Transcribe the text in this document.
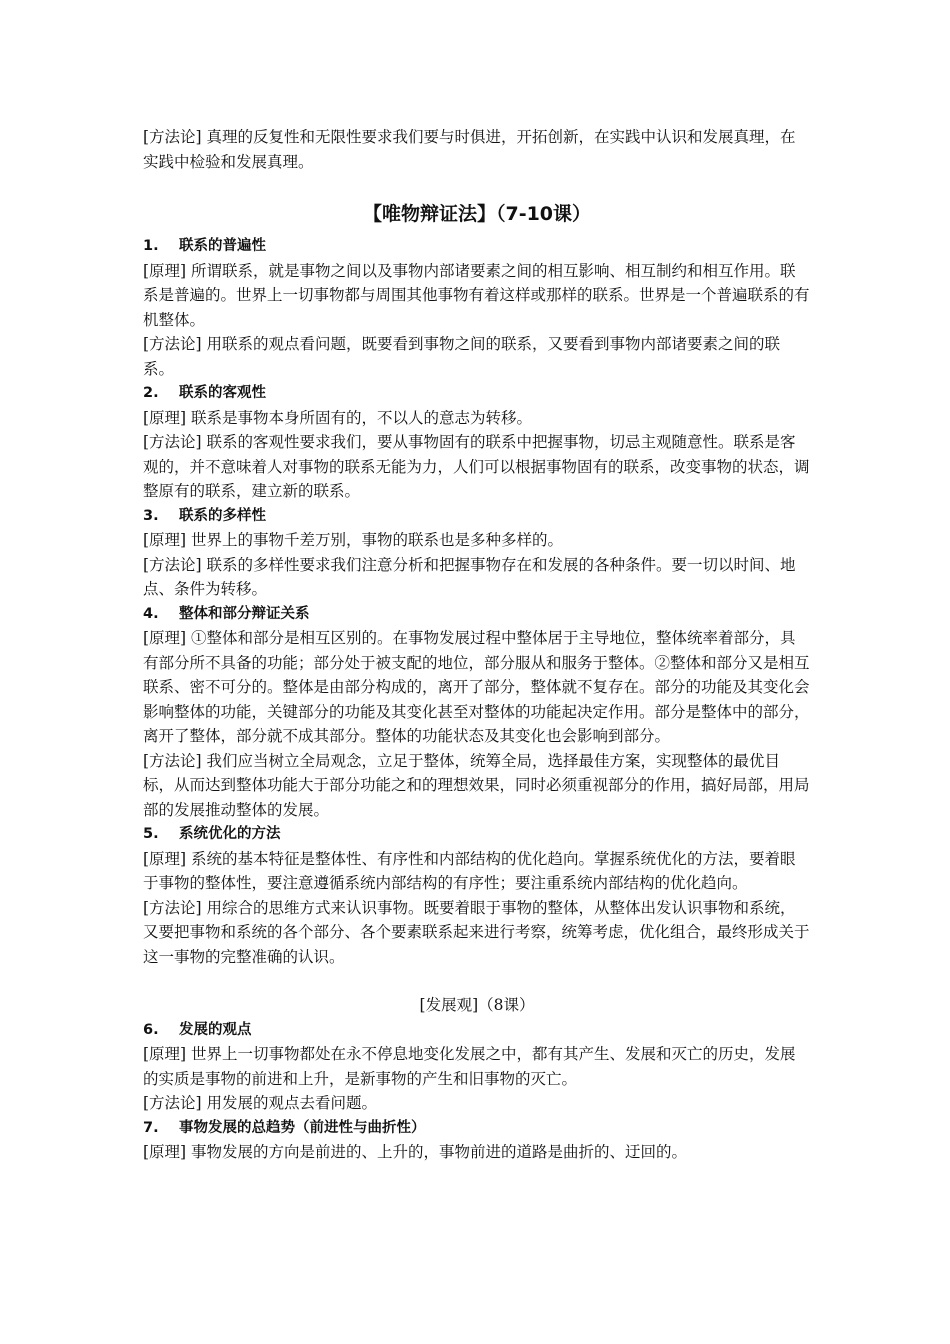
[方法论] 真理的反复性和无限性要求我们要与时俱进，开拓创新，在实践中认识和发展真理，在实践中检验和发展真理。

【唯物辩证法】（7-10课）

1. 联系的普遍性

[原理] 所谓联系，就是事物之间以及事物内部诸要素之间的相互影响、相互制约和相互作用。联系是普遍的。世界上一切事物都与周围其他事物有着这样或那样的联系。世界是一个普遍联系的有机整体。

[方法论] 用联系的观点看问题，既要看到事物之间的联系，又要看到事物内部诸要素之间的联系。

2. 联系的客观性

[原理] 联系是事物本身所固有的，不以人的意志为转移。

[方法论] 联系的客观性要求我们，要从事物固有的联系中把握事物，切忌主观随意性。联系是客观的，并不意味着人对事物的联系无能为力，人们可以根据事物固有的联系，改变事物的状态，调整原有的联系，建立新的联系。

3. 联系的多样性

[原理] 世界上的事物千差万别，事物的联系也是多种多样的。

[方法论] 联系的多样性要求我们注意分析和把握事物存在和发展的各种条件。要一切以时间、地点、条件为转移。

4. 整体和部分辩证关系

[原理] ①整体和部分是相互区别的。在事物发展过程中整体居于主导地位，整体统率着部分，具有部分所不具备的功能；部分处于被支配的地位，部分服从和服务于整体。②整体和部分又是相互联系、密不可分的。整体是由部分构成的，离开了部分，整体就不复存在。部分的功能及其变化会影响整体的功能，关键部分的功能及其变化甚至对整体的功能起决定作用。部分是整体中的部分，离开了整体，部分就不成其部分。整体的功能状态及其变化也会影响到部分。

[方法论] 我们应当树立全局观念，立足于整体，统筹全局，选择最佳方案，实现整体的最优目标，从而达到整体功能大于部分功能之和的理想效果，同时必须重视部分的作用，搞好局部，用局部的发展推动整体的发展。

5. 系统优化的方法

[原理] 系统的基本特征是整体性、有序性和内部结构的优化趋向。掌握系统优化的方法，要着眼于事物的整体性，要注意遵循系统内部结构的有序性；要注重系统内部结构的优化趋向。

[方法论] 用综合的思维方式来认识事物。既要着眼于事物的整体，从整体出发认识事物和系统，又要把事物和系统的各个部分、各个要素联系起来进行考察，统筹考虑，优化组合，最终形成关于这一事物的完整准确的认识。

[发展观]（8课）

6. 发展的观点

[原理] 世界上一切事物都处在永不停息地变化发展之中，都有其产生、发展和灭亡的历史，发展的实质是事物的前进和上升，是新事物的产生和旧事物的灭亡。

[方法论] 用发展的观点去看问题。

7. 事物发展的总趋势（前进性与曲折性）

[原理] 事物发展的方向是前进的、上升的，事物前进的道路是曲折的、迂回的。
